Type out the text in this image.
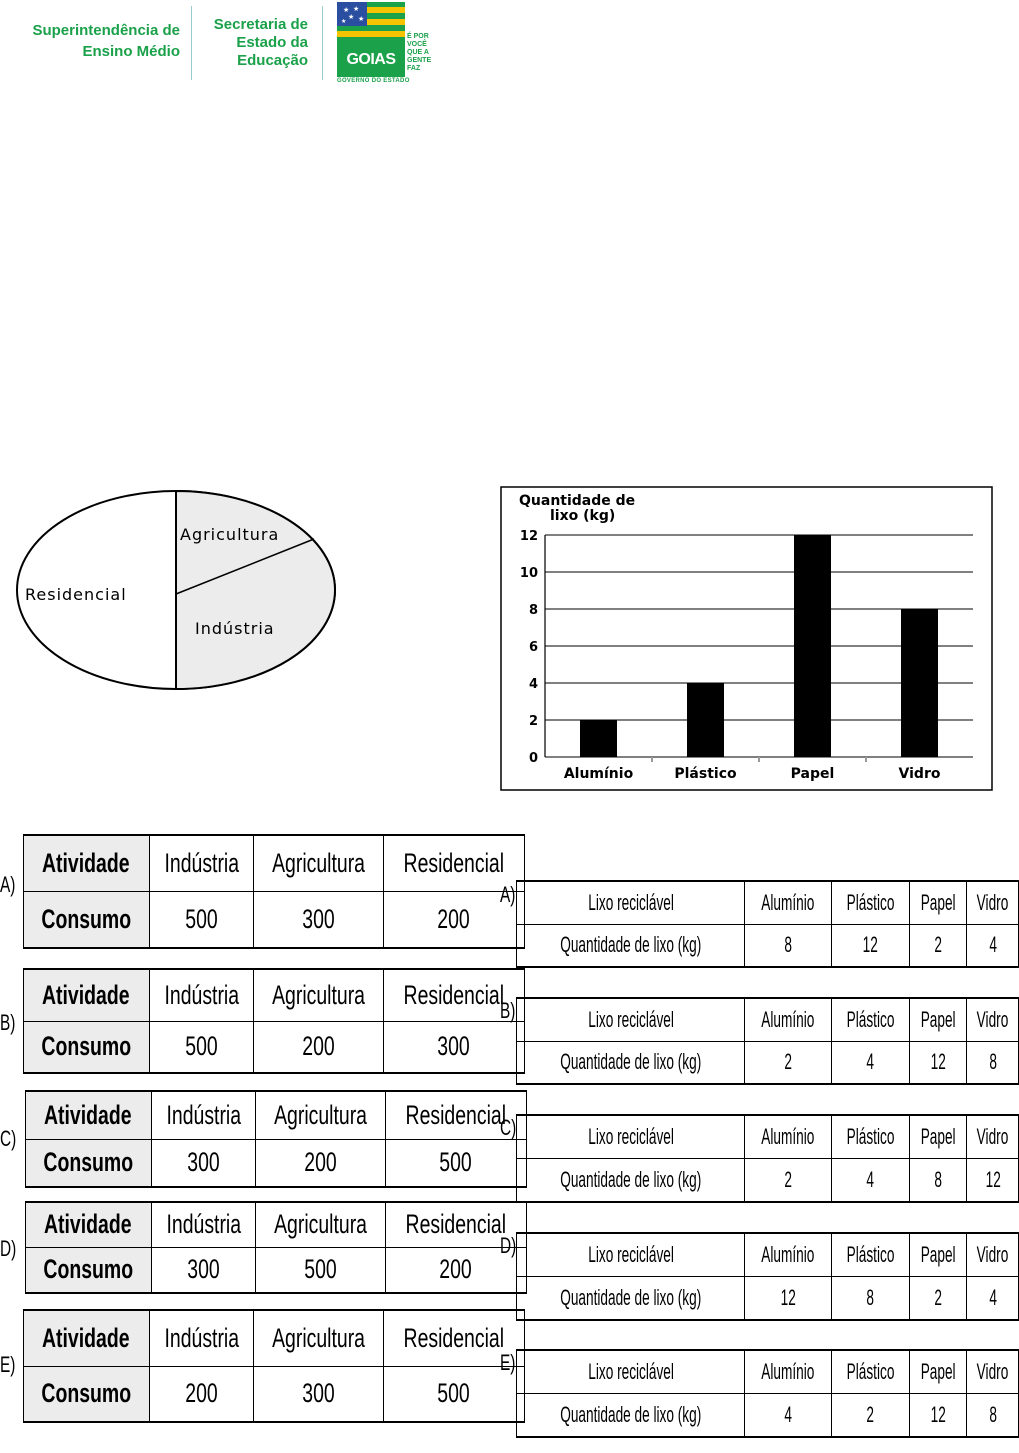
Superintendência de
Ensino Médio
Secretaria de
Estado da
Educação
★ ★
★ ★
★
GOIAS
É POR
VOCÊ
QUE A
GENTE
FAZ
GOVERNO DO ESTADO
Residencial
Agricultura
Indústria
Quantidade de
lixo (kg)
0
2
4
6
8
10
12
Alumínio	Plástico	Papel	Vidro
A)
Atividade	Indústria	Agricultura	Residencial
Consumo	500	300	200
B)
Atividade	Indústria	Agricultura	Residencial
Consumo	500	200	300
C)
Atividade	Indústria	Agricultura	Residencial
Consumo	300	200	500
D)
Atividade	Indústria	Agricultura	Residencial
Consumo	300	500	200
E)
Atividade	Indústria	Agricultura	Residencial
Consumo	200	300	500
A)	Lixo reciclável	Alumínio	Plástico	Papel	Vidro
Quantidade de lixo (kg)	8	12	2	4
B)	Lixo reciclável	Alumínio	Plástico	Papel	Vidro
Quantidade de lixo (kg)	2	4	12	8
C)	Lixo reciclável	Alumínio	Plástico	Papel	Vidro
Quantidade de lixo (kg)	2	4	8	12
D)	Lixo reciclável	Alumínio	Plástico	Papel	Vidro
Quantidade de lixo (kg)	12	8	2	4
E)	Lixo reciclável	Alumínio	Plástico	Papel	Vidro
Quantidade de lixo (kg)	4	2	12	8
